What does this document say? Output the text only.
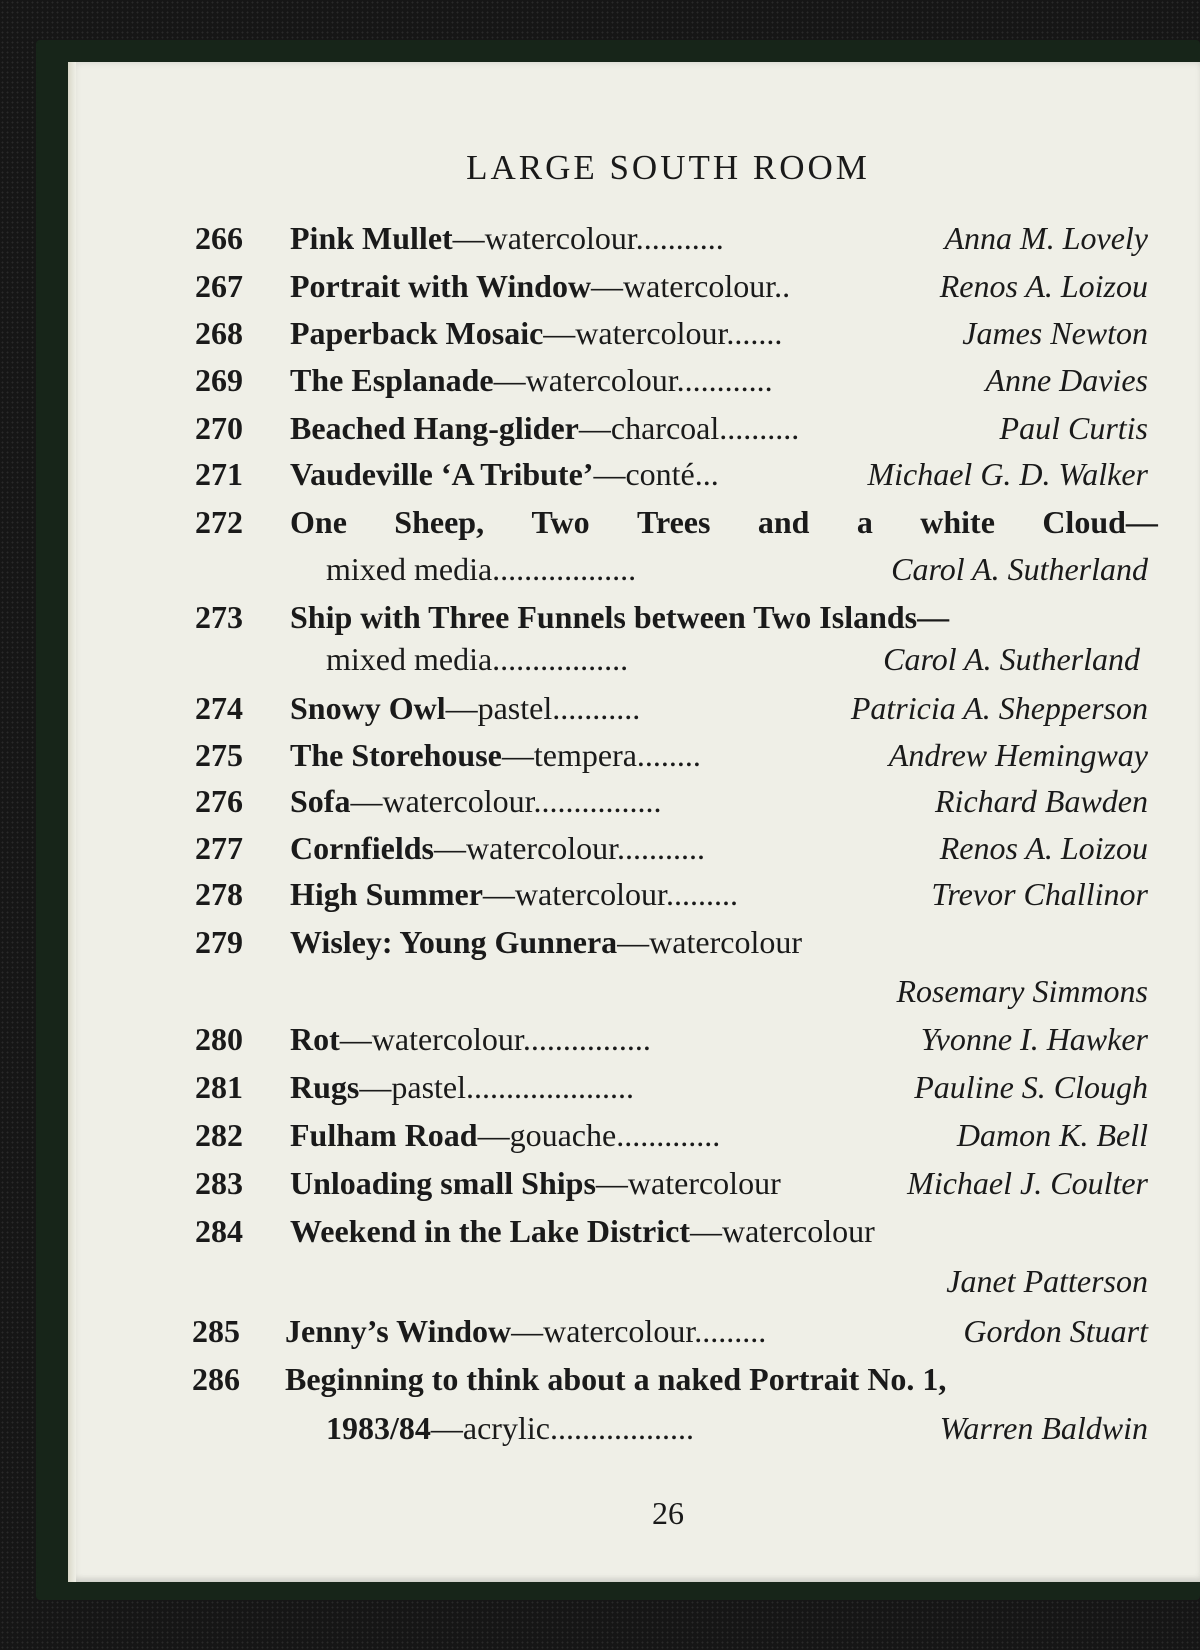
LARGE SOUTH ROOM
266 Pink Mullet—watercolour...........	Anna M. Lovely
267 Portrait with Window—watercolour..	Renos A. Loizou
268 Paperback Mosaic—watercolour.......	James Newton
269 The Esplanade—watercolour............	Anne Davies
270 Beached Hang-glider—charcoal..........	Paul Curtis
271 Vaudeville ‘A Tribute’—conté...	Michael G. D. Walker
272 One Sheep, Two Trees and a white Cloud—
mixed media..................	Carol A. Sutherland
273 Ship with Three Funnels between Two Islands—
mixed media.................	Carol A. Sutherland
274 Snowy Owl—pastel...........	Patricia A. Shepperson
275 The Storehouse—tempera........	Andrew Hemingway
276 Sofa—watercolour................	Richard Bawden
277 Cornfields—watercolour...........	Renos A. Loizou
278 High Summer—watercolour.........	Trevor Challinor
279 Wisley: Young Gunnera—watercolour
Rosemary Simmons
280 Rot—watercolour................	Yvonne I. Hawker
281 Rugs—pastel.....................	Pauline S. Clough
282 Fulham Road—gouache.............	Damon K. Bell
283 Unloading small Ships—watercolour	Michael J. Coulter
284 Weekend in the Lake District—watercolour
Janet Patterson
285 Jenny’s Window—watercolour.........	Gordon Stuart
286 Beginning to think about a naked Portrait No. 1,
1983/84—acrylic..................	Warren Baldwin
26
